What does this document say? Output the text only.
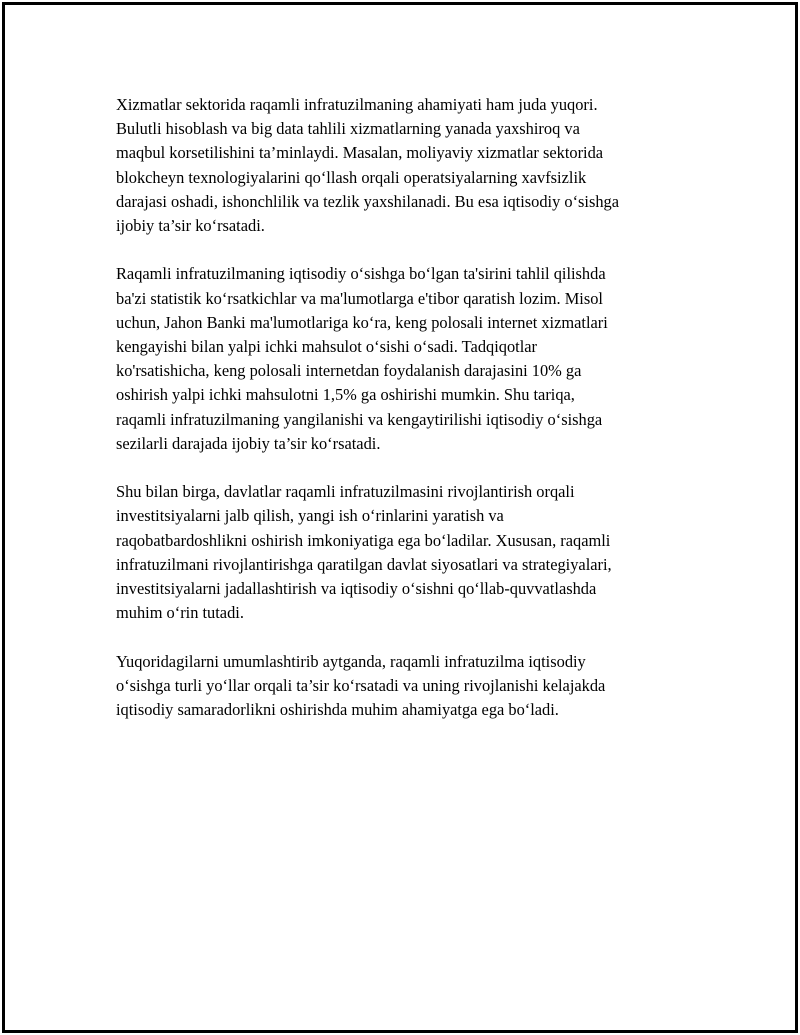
Xizmatlar sektorida raqamli infratuzilmaning ahamiyati ham juda yuqori.
Bulutli hisoblash va big data tahlili xizmatlarning yanada yaxshiroq va
maqbul korsetilishini ta’minlaydi. Masalan, moliyaviy xizmatlar sektorida
blokcheyn texnologiyalarini qo‘llash orqali operatsiyalarning xavfsizlik
darajasi oshadi, ishonchlilik va tezlik yaxshilanadi. Bu esa iqtisodiy o‘sishga
ijobiy ta’sir ko‘rsatadi.

Raqamli infratuzilmaning iqtisodiy o‘sishga bo‘lgan ta'sirini tahlil qilishda
ba'zi statistik ko‘rsatkichlar va ma'lumotlarga e'tibor qaratish lozim. Misol
uchun, Jahon Banki ma'lumotlariga ko‘ra, keng polosali internet xizmatlari
kengayishi bilan yalpi ichki mahsulot o‘sishi o‘sadi. Tadqiqotlar
ko'rsatishicha, keng polosali internetdan foydalanish darajasini 10% ga
oshirish yalpi ichki mahsulotni 1,5% ga oshirishi mumkin. Shu tariqa,
raqamli infratuzilmaning yangilanishi va kengaytirilishi iqtisodiy o‘sishga
sezilarli darajada ijobiy ta’sir ko‘rsatadi.

Shu bilan birga, davlatlar raqamli infratuzilmasini rivojlantirish orqali
investitsiyalarni jalb qilish, yangi ish o‘rinlarini yaratish va
raqobatbardoshlikni oshirish imkoniyatiga ega bo‘ladilar. Xususan, raqamli
infratuzilmani rivojlantirishga qaratilgan davlat siyosatlari va strategiyalari,
investitsiyalarni jadallashtirish va iqtisodiy o‘sishni qo‘llab-quvvatlashda
muhim o‘rin tutadi.

Yuqoridagilarni umumlashtirib aytganda, raqamli infratuzilma iqtisodiy
o‘sishga turli yo‘llar orqali ta’sir ko‘rsatadi va uning rivojlanishi kelajakda
iqtisodiy samaradorlikni oshirishda muhim ahamiyatga ega bo‘ladi.
